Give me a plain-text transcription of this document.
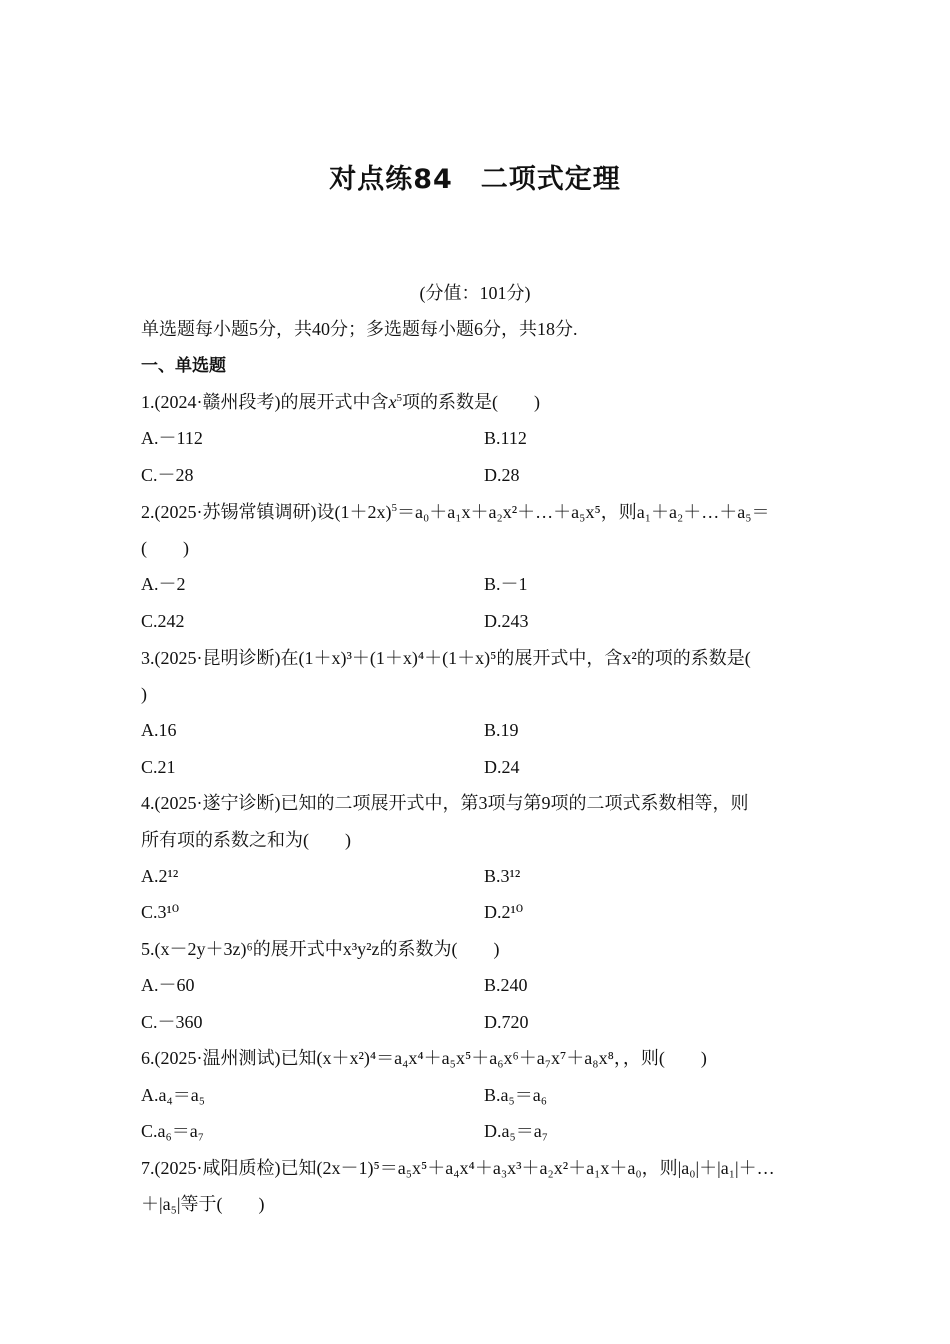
对点练84　二项式定理
(分值：101分)
单选题每小题5分，共40分；多选题每小题6分，共18分.
一、单选题
1.(2024·赣州段考)的展开式中含$x^5$项的系数是(　　)
A.－112	B.112
C.－28	D.28
2.(2025·苏锡常镇调研)设$(1+2x)^5=a_0+a_1x+a_2x^2+\dots+a_5x^5$，则a₁＋a₂＋…＋a₅＝
(　　)
A.－2	B.－1
C.242	D.243
3.(2025·昆明诊断)在(1＋x)³＋(1＋x)⁴＋(1＋x)⁵的展开式中，含x²的项的系数是(
)
A.16	B.19
C.21	D.24
4.(2025·遂宁诊断)已知的二项展开式中，第3项与第9项的二项式系数相等，则
所有项的系数之和为(　　)
A.2¹²	B.3¹²
C.3¹⁰	D.2¹⁰
5.(x－2y＋3z)⁶的展开式中x³y²z的系数为(　　)
A.－60	B.240
C.－360	D.720
6.(2025·温州测试)已知(x＋x²)⁴＝a₄x⁴＋a₅x⁵＋a₆x⁶＋a₇x⁷＋a₈x⁸，，则(　　)
A.a₄＝a₅	B.a₅＝a₆
C.a₆＝a₇	D.a₅＝a₇
7.(2025·咸阳质检)已知(2x－1)⁵＝a₅x⁵＋a₄x⁴＋a₃x³＋a₂x²＋a₁x＋a₀，则|a₀|＋|a₁|＋…
＋|a₅|等于(　　)
